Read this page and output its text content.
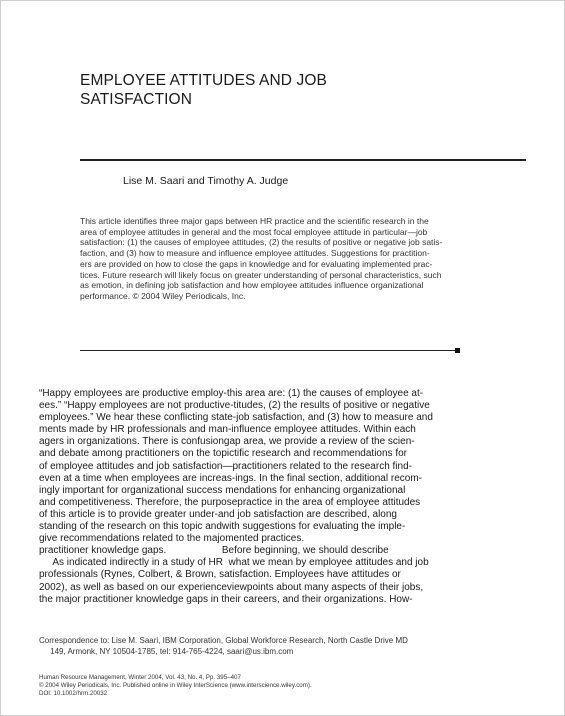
EMPLOYEE ATTITUDES AND JOB
SATISFACTION
Lise M. Saari and Timothy A. Judge
This article identifies three major gaps between HR practice and the scientific research in the
area of employee attitudes in general and the most focal employee attitude in particular—job
satisfaction: (1) the causes of employee attitudes, (2) the results of positive or negative job satis-
faction, and (3) how to measure and influence employee attitudes. Suggestions for practition-
ers are provided on how to close the gaps in knowledge and for evaluating implemented prac-
tices. Future research will likely focus on greater understanding of personal characteristics, such
as emotion, in defining job satisfaction and how employee attitudes influence organizational
performance. © 2004 Wiley Periodicals, Inc.
“Happy employees are productive employ-this area are: (1) the causes of employee at-
ees.” “Happy employees are not productive-titudes, (2) the results of positive or negative
employees.” We hear these conflicting state-job satisfaction, and (3) how to measure and
ments made by HR professionals and man-influence employee attitudes. Within each
agers in organizations. There is confusiongap area, we provide a review of the scien-
and debate among practitioners on the topictific research and recommendations for
of employee attitudes and job satisfaction—practitioners related to the research find-
even at a time when employees are increas-ings. In the final section, additional recom-
ingly important for organizational success mendations for enhancing organizational
and competitiveness. Therefore, the purposepractice in the area of employee attitudes
of this article is to provide greater under-and job satisfaction are described, along
standing of the research on this topic andwith suggestions for evaluating the imple-
give recommendations related to the majomented practices.
practitioner knowledge gaps.                    Before beginning, we should describe
As indicated indirectly in a study of HR  what we mean by employee attitudes and job
professionals (Rynes, Colbert, & Brown, satisfaction. Employees have attitudes or
2002), as well as based on our experienceviewpoints about many aspects of their jobs,
the major practitioner knowledge gaps in their careers, and their organizations. How-
Correspondence to: Lise M. Saari, IBM Corporation, Global Workforce Research, North Castle Drive MD
149, Armonk, NY 10504-1785, tel: 914-765-4224, saari@us.ibm.com
Human Resource Management, Winter 2004, Vol. 43, No. 4, Pp. 395–407
© 2004 Wiley Periodicals, Inc. Published online in Wiley InterScience (www.interscience.wiley.com).
DOI: 10.1002/hrm.20032
